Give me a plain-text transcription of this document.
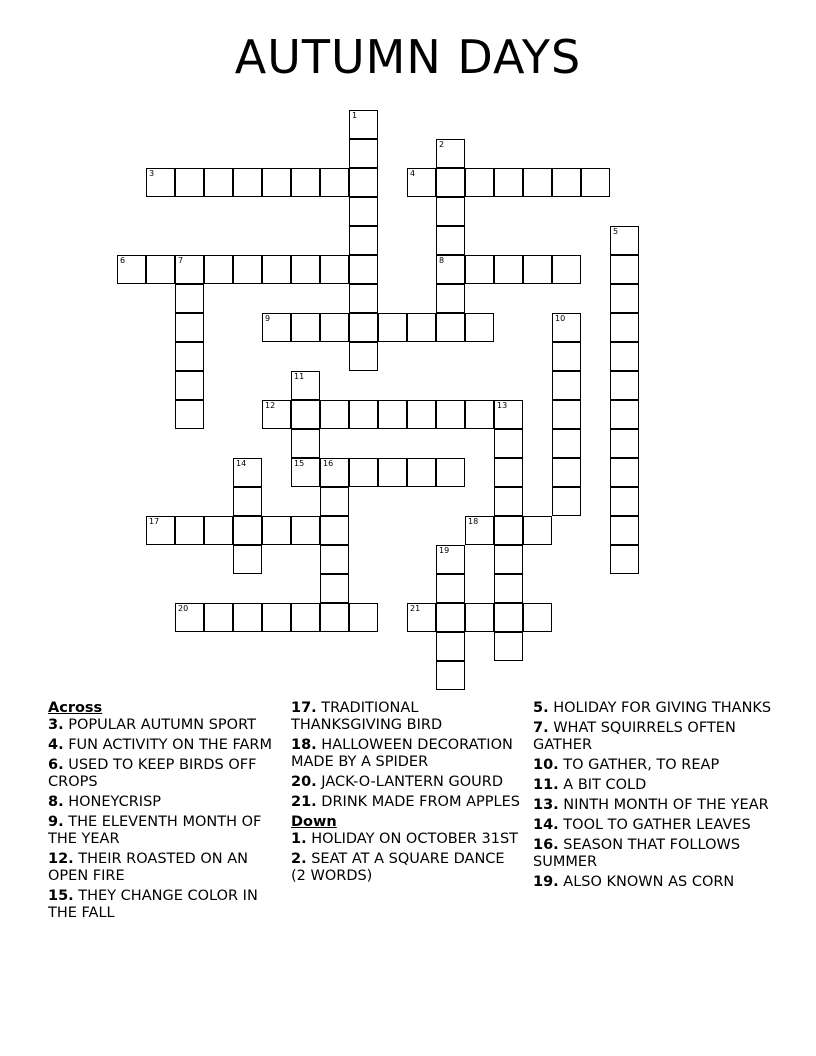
AUTUMN DAYS
1
2
8
3	4
5
6	7
9	10
11
12	13
14	15 16
17	18
19
20	21
Across
3. POPULAR AUTUMN SPORT
4. FUN ACTIVITY ON THE FARM
6. USED TO KEEP BIRDS OFF CROPS
8. HONEYCRISP
9. THE ELEVENTH MONTH OF THE YEAR
12. THEIR ROASTED ON AN OPEN FIRE
15. THEY CHANGE COLOR IN THE FALL
17. TRADITIONAL THANKSGIVING BIRD
18. HALLOWEEN DECORATION MADE BY A SPIDER
20. JACK-O-LANTERN GOURD
21. DRINK MADE FROM APPLES
Down
1. HOLIDAY ON OCTOBER 31ST
2. SEAT AT A SQUARE DANCE (2 WORDS)
5. HOLIDAY FOR GIVING THANKS
7. WHAT SQUIRRELS OFTEN GATHER
10. TO GATHER, TO REAP
11. A BIT COLD
13. NINTH MONTH OF THE YEAR
14. TOOL TO GATHER LEAVES
16. SEASON THAT FOLLOWS SUMMER
19. ALSO KNOWN AS CORN
